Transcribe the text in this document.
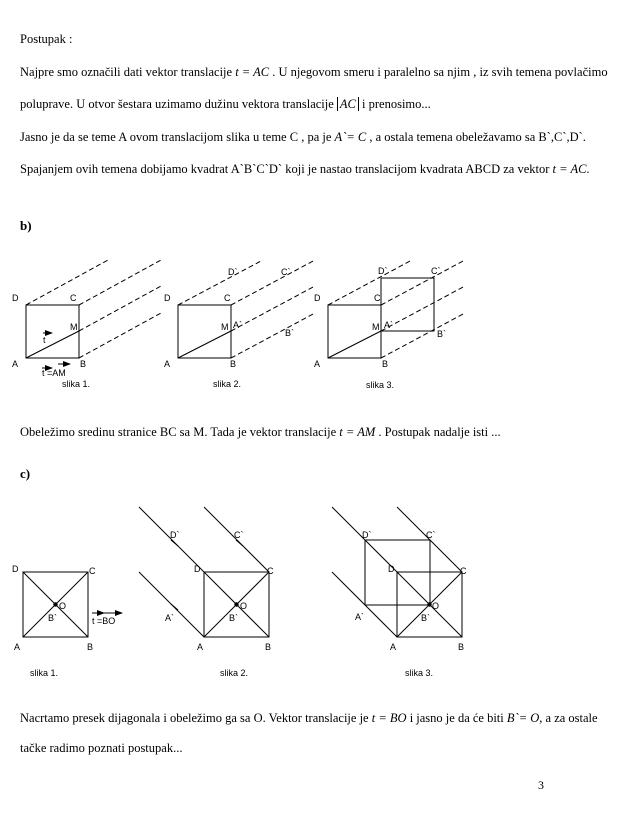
Postupak :
Najpre smo označili dati vektor translacije t = AC . U njegovom smeru i paralelno sa njim , iz svih temena povlačimo
poluprave. U otvor šestara uzimamo dužinu vektora translacije AC i prenosimo...
Jasno je da se teme A ovom translacijom slika u teme C , pa je A`= C , a ostala temena obeležavamo sa B`,C`,D`.
Spajanjem ovih temena dobijamo kvadrat A`B`C`D` koji je nastao translacijom kvadrata ABCD za vektor t = AC.
b)
D	C
A	B
M
t
t =AM
slika 1.
D	C
A	B
M A`
D`	C`
B`
slika 2.
D	C
A	B
M A`
D`	C`
B`
slika 3.
D	C
A	B
O
B`	t =BO
slika 1.
D	C
A	B
O
B`
A`
D`	C`
slika 2.
D	C
A	B
O
B`
A`
D`	C`
slika 3.
Obeležimo sredinu stranice BC sa M. Tada je vektor translacije t = AM . Postupak nadalje isti ...
c)
Nacrtamo presek dijagonala i obeležimo ga sa O. Vektor translacije je t = BO i jasno je da će biti B`= O, a za ostale
tačke radimo poznati postupak...
3
